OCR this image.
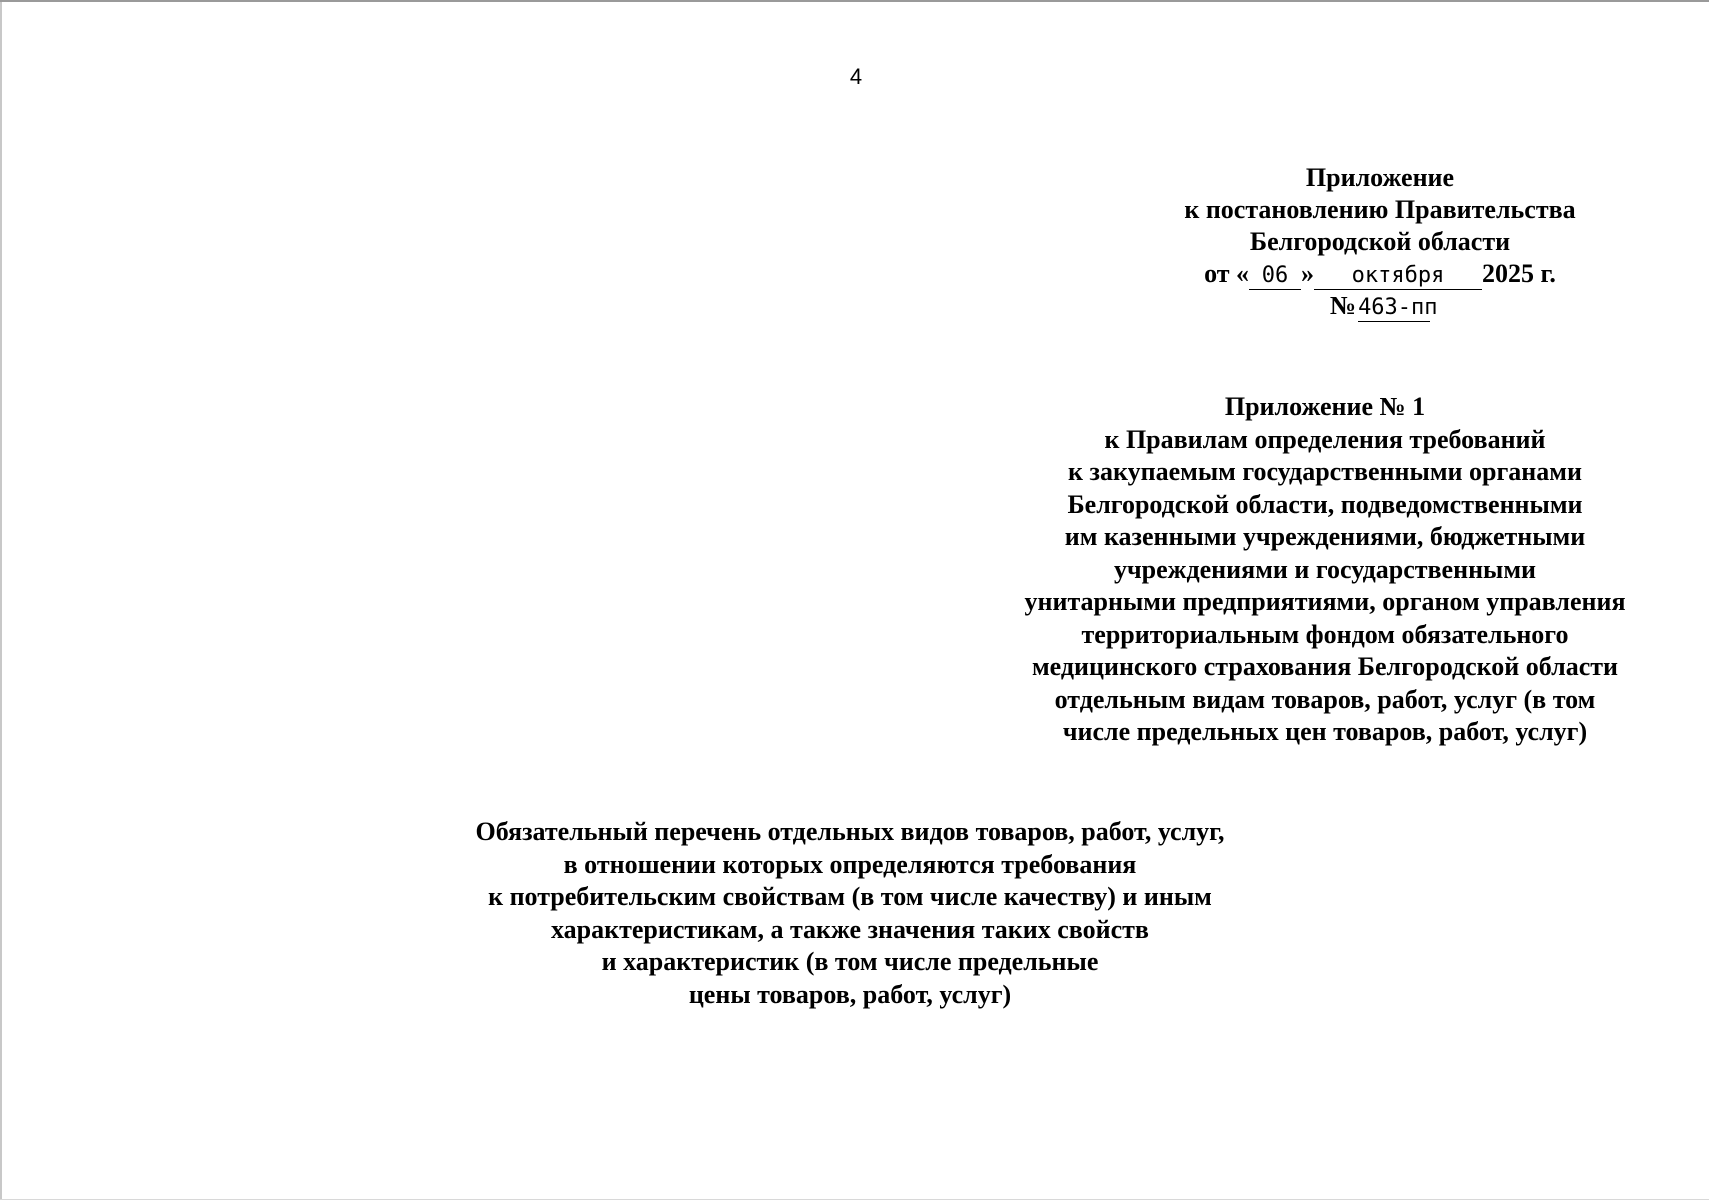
4
Приложение
к постановлению Правительства
Белгородской области
от « 06 » октября 2025 г.
№463-пп
Приложение № 1
к Правилам определения требований
к закупаемым государственными органами
Белгородской области, подведомственными
им казенными учреждениями, бюджетными
учреждениями и государственными
унитарными предприятиями, органом управления
территориальным фондом обязательного
медицинского страхования Белгородской области
отдельным видам товаров, работ, услуг (в том
числе предельных цен товаров, работ, услуг)
Обязательный перечень отдельных видов товаров, работ, услуг,
в отношении которых определяются требования
к потребительским свойствам (в том числе качеству) и иным
характеристикам, а также значения таких свойств
и характеристик (в том числе предельные
цены товаров, работ, услуг)
